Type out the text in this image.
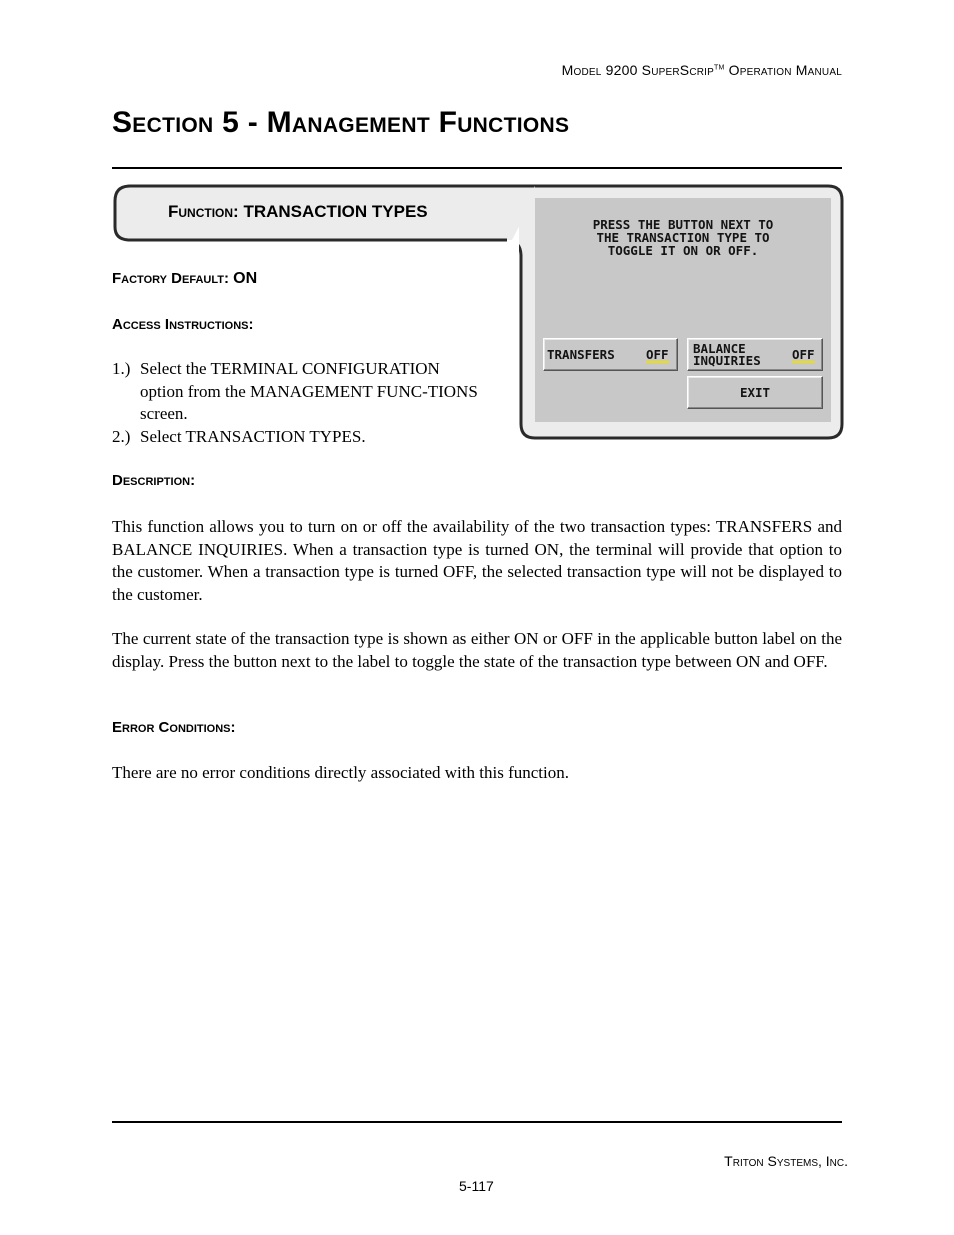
Model 9200 SuperScrip™ Operation Manual
Section 5 - Management Functions
Function: TRANSACTION TYPES
PRESS THE BUTTON NEXT TO
THE TRANSACTION TYPE TO
TOGGLE IT ON OR OFF.
TRANSFERS	OFF BALANCE
INQUIRIES	OFF
EXIT
Factory Default: ON
Access Instructions:
1.) Select the TERMINAL CONFIGURATION option from the MANAGEMENT FUNC-TIONS screen.
2.) Select TRANSACTION TYPES.
Description:

This function allows you to turn on or off the availability of the two transaction types: TRANSFERS and BALANCE INQUIRIES. When a transaction type is turned ON, the terminal will provide that option to the customer. When a transaction type is turned OFF, the selected transaction type will not be displayed to the customer.

The current state of the transaction type is shown as either ON or OFF in the applicable button label on the display. Press the button next to the label to toggle the state of the transaction type between ON and OFF.

Error Conditions:

There are no error conditions directly associated with this function.

Triton Systems, Inc.
5-117
